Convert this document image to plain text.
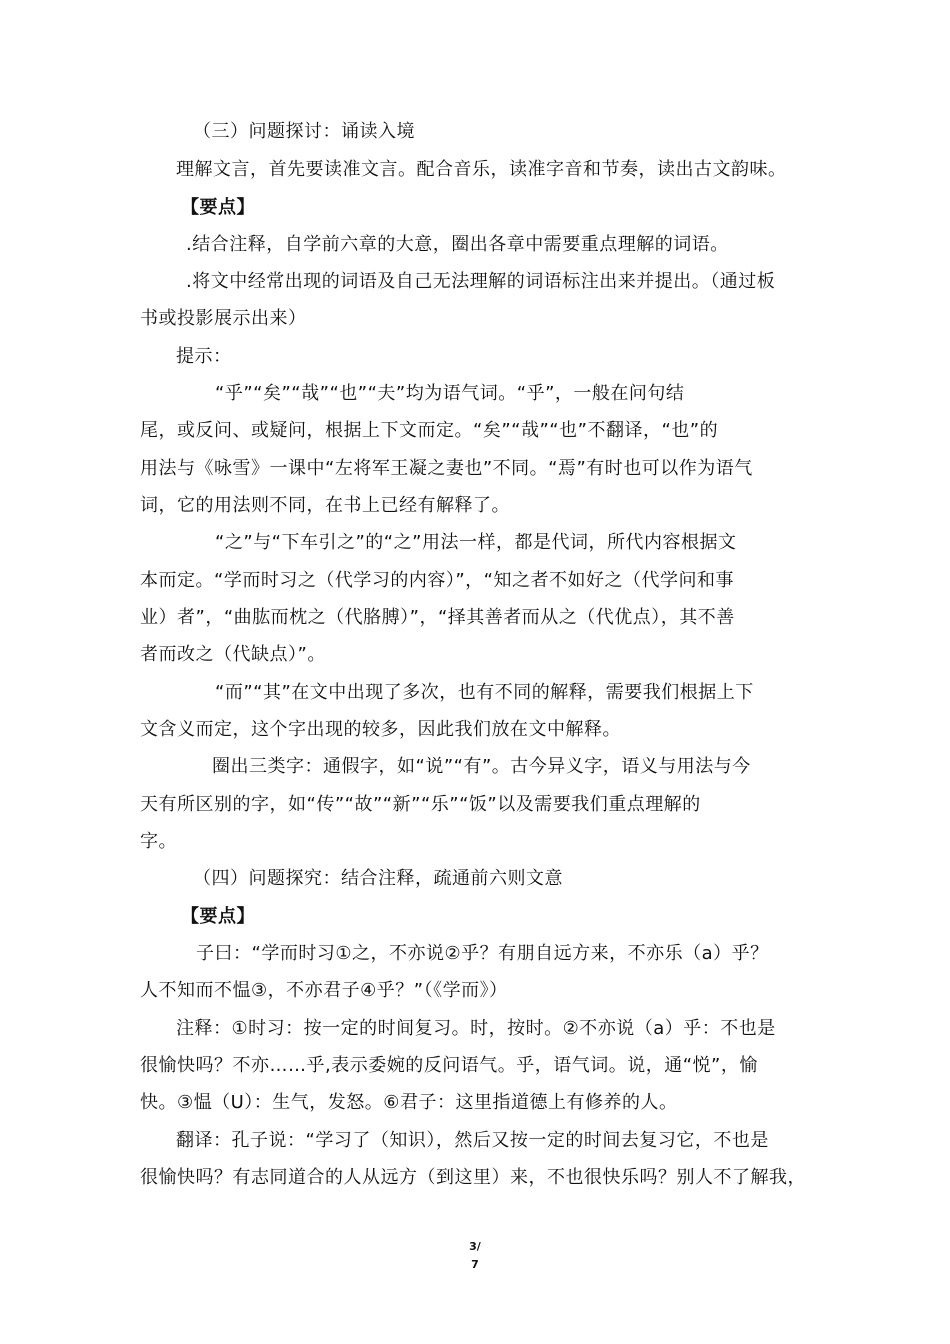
（三）问题探讨：诵读入境
理解文言，首先要读准文言。配合音乐，读准字音和节奏，读出古文韵味。
【要点】
.结合注释，自学前六章的大意，圈出各章中需要重点理解的词语。
.将文中经常出现的词语及自己无法理解的词语标注出来并提出。（通过板
书或投影展示出来）
提示：
“乎”“矣”“哉”“也”“夫”均为语气词。“乎”，一般在问句结
尾，或反问、或疑问，根据上下文而定。“矣”“哉”“也”不翻译，“也”的
用法与《咏雪》一课中“左将军王凝之妻也”不同。“焉”有时也可以作为语气
词，它的用法则不同，在书上已经有解释了。
“之”与“下车引之”的“之”用法一样，都是代词，所代内容根据文
本而定。“学而时习之（代学习的内容）”，“知之者不如好之（代学问和事
业）者”，“曲肱而枕之（代胳膊）”，“择其善者而从之（代优点），其不善
者而改之（代缺点）”。
“而”“其”在文中出现了多次，也有不同的解释，需要我们根据上下
文含义而定，这个字出现的较多，因此我们放在文中解释。
圈出三类字：通假字，如“说”“有”。古今异义字，语义与用法与今
天有所区别的字，如“传”“故”“新”“乐”“饭”以及需要我们重点理解的
字。
（四）问题探究：结合注释，疏通前六则文意
【要点】
子曰：“学而时习①之，不亦说②乎？有朋自远方来，不亦乐（a）乎？
人不知而不愠③，不亦君子④乎？”（《学而》）
注释：①时习：按一定的时间复习。时，按时。②不亦说（a）乎：不也是
很愉快吗？不亦……乎,表示委婉的反问语气。乎，语气词。说，通“悦”，愉
快。③愠（U）：生气，发怒。⑥君子：这里指道德上有修养的人。
翻译：孔子说：“学习了（知识），然后又按一定的时间去复习它，不也是
很愉快吗？有志同道合的人从远方（到这里）来，不也很快乐吗？别人不了解我，
3/
7
